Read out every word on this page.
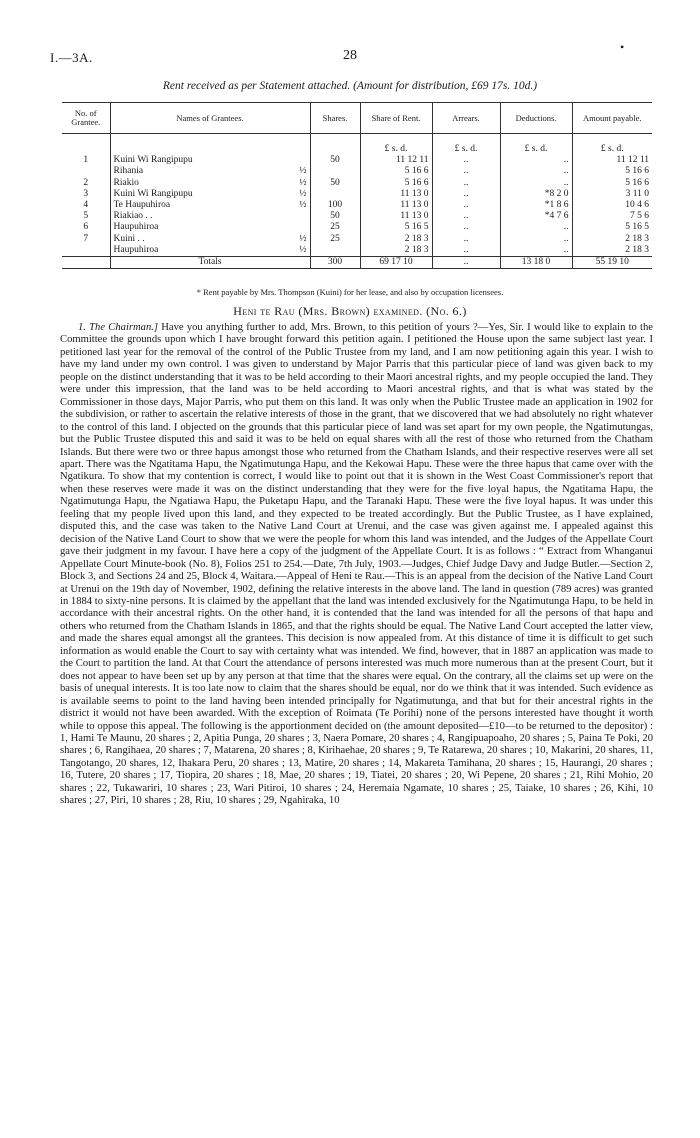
I.—3A.	28
•
Rent received as per Statement attached. (Amount for distribution, £69 17s. 10d.)
No. of Grantee.	Names of Grantees.	Shares.	Share of Rent.	Arrears.	Deductions.	Amount payable.
			£ s. d.	£ s. d.	£ s. d.	£ s. d.
1	Kuini Wi Rangipupu	50	11 12 11	..	..	11 12 11
	Rihania ½		5 16 6	..	..	5 16 6
2	Riakio ½	50	5 16 6	..	..	5 16 6
3	Kuini Wi Rangipupu ½		11 13 0	..	*8 2 0	3 11 0
4	Te Haupuhiroa ½	100	11 13 0	..	*1 8 6	10 4 6
5	Riakiao . .	50	11 13 0	..	*4 7 6	7 5 6
6	Haupuhiroa	25	5 16 5	..	..	5 16 5
7	Kuini . . ½	25	2 18 3	..	..	2 18 3
	Haupuhiroa ½		2 18 3	..	..	2 18 3
	Totals	300	69 17 10	..	13 18 0	55 19 10
* Rent payable by Mrs. Thompson (Kuini) for her lease, and also by occupation licensees.
Heni te Rau (Mrs. Brown) examined. (No. 6.)

1. The Chairman.] Have you anything further to add, Mrs. Brown, to this petition of yours ?—Yes, Sir. I would like to explain to the Committee the grounds upon which I have brought forward this petition again. I petitioned the House upon the same subject last year. I petitioned last year for the removal of the control of the Public Trustee from my land, and I am now petitioning again this year. I wish to have my land under my own control. I was given to understand by Major Parris that this particular piece of land was given back to my people on the distinct understanding that it was to be held according to their Maori ancestral rights, and my people occupied the land. They were under this impression, that the land was to be held according to Maori ancestral rights, and that is what was stated by the Commissioner in those days, Major Parris, who put them on this land. It was only when the Public Trustee made an application in 1902 for the subdivision, or rather to ascertain the relative interests of those in the grant, that we discovered that we had absolutely no right whatever to the control of this land. I objected on the grounds that this particular piece of land was set apart for my own people, the Ngatimutungas, but the Public Trustee disputed this and said it was to be held on equal shares with all the rest of those who returned from the Chatham Islands. But there were two or three hapus amongst those who returned from the Chatham Islands, and their respective reserves were all set apart. There was the Ngatitama Hapu, the Ngatimutunga Hapu, and the Kekowai Hapu. These were the three hapus that came over with the Ngatikura. To show that my contention is correct, I would like to point out that it is shown in the West Coast Commissioner's report that when these reserves were made it was on the distinct understanding that they were for the five loyal hapus, the Ngatitama Hapu, the Ngatimutunga Hapu, the Ngatiawa Hapu, the Puketapu Hapu, and the Taranaki Hapu. These were the five loyal hapus. It was under this feeling that my people lived upon this land, and they expected to be treated accordingly. But the Public Trustee, as I have explained, disputed this, and the case was taken to the Native Land Court at Urenui, and the case was given against me. I appealed against this decision of the Native Land Court to show that we were the people for whom this land was intended, and the Judges of the Appellate Court gave their judgment in my favour. I have here a copy of the judgment of the Appellate Court. It is as follows : “ Extract from Whanganui Appellate Court Minute-book (No. 8), Folios 251 to 254.—Date, 7th July, 1903.—Judges, Chief Judge Davy and Judge Butler.—Section 2, Block 3, and Sections 24 and 25, Block 4, Waitara.—Appeal of Heni te Rau.—This is an appeal from the decision of the Native Land Court at Urenui on the 19th day of November, 1902, defining the relative interests in the above land. The land in question (789 acres) was granted in 1884 to sixty-nine persons. It is claimed by the appellant that the land was intended exclusively for the Ngatimutunga Hapu, to be held in accordance with their ancestral rights. On the other hand, it is contended that the land was intended for all the persons of that hapu and others who returned from the Chatham Islands in 1865, and that the rights should be equal. The Native Land Court accepted the latter view, and made the shares equal amongst all the grantees. This decision is now appealed from. At this distance of time it is difficult to get such information as would enable the Court to say with certainty what was intended. We find, however, that in 1887 an application was made to the Court to partition the land. At that Court the attendance of persons interested was much more numerous than at the present Court, but it does not appear to have been set up by any person at that time that the shares were equal. On the contrary, all the claims set up were on the basis of unequal interests. It is too late now to claim that the shares should be equal, nor do we think that it was intended. Such evidence as is available seems to point to the land having been intended principally for Ngatimutunga, and that but for their ancestral rights in the district it would not have been awarded. With the exception of Roimata (Te Porihi) none of the persons interested have thought it worth while to oppose this appeal. The following is the apportionment decided on (the amount deposited—£10—to be returned to the depositor) : 1, Hami Te Maunu, 20 shares ; 2, Apitia Punga, 20 shares ; 3, Naera Pomare, 20 shares ; 4, Rangipuapoaho, 20 shares ; 5, Paina Te Poki, 20 shares ; 6, Rangihaea, 20 shares ; 7, Matarena, 20 shares ; 8, Kirihaehae, 20 shares ; 9, Te Ratarewa, 20 shares ; 10, Makarini, 20 shares, 11, Tangotango, 20 shares, 12, Ihakara Peru, 20 shares ; 13, Matire, 20 shares ; 14, Makareta Tamihana, 20 shares ; 15, Haurangi, 20 shares ; 16, Tutere, 20 shares ; 17, Tiopira, 20 shares ; 18, Mae, 20 shares ; 19, Tiatei, 20 shares ; 20, Wi Pepene, 20 shares ; 21, Rihi Mohio, 20 shares ; 22, Tukawariri, 10 shares ; 23, Wari Pitiroi, 10 shares ; 24, Heremaia Ngamate, 10 shares ; 25, Taiake, 10 shares ; 26, Kihi, 10 shares ; 27, Piri, 10 shares ; 28, Riu, 10 shares ; 29, Ngahiraka, 10
